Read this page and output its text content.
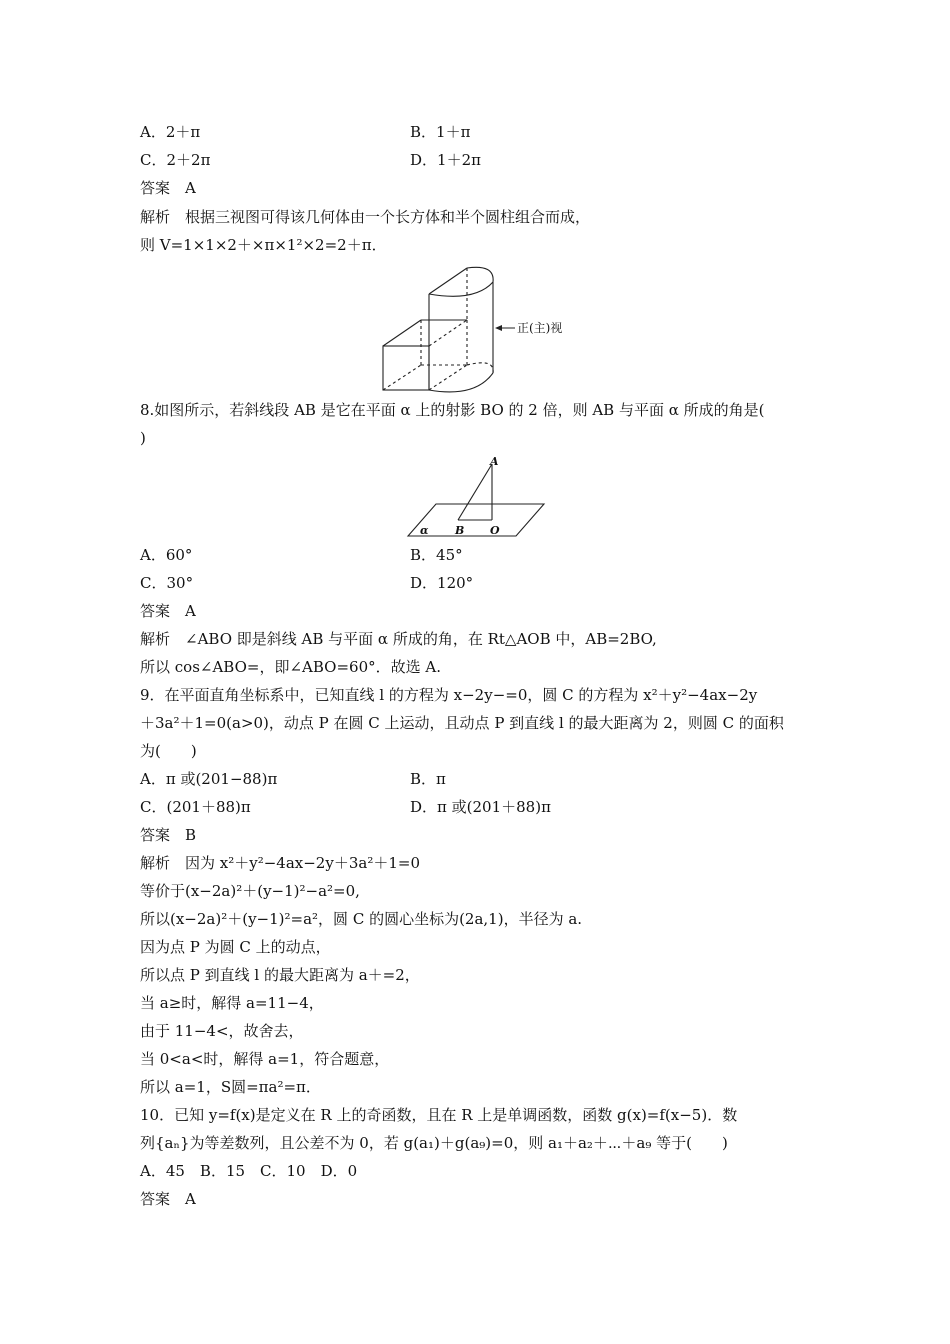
A．2＋π	B．1＋π
C．2＋2π	D．1＋2π
答案　A
解析　根据三视图可得该几何体由一个长方体和半个圆柱组合而成，
则 V=1×1×2＋×π×1²×2=2＋π．
正(主)视
8.如图所示，若斜线段 AB 是它在平面 α 上的射影 BO 的 2 倍，则 AB 与平面 α 所成的角是(
)
A
α B O
A．60°	B．45°
C．30°	D．120°
答案　A
解析　∠ABO 即是斜线 AB 与平面 α 所成的角，在 Rt△AOB 中，AB=2BO,
所以 cos∠ABO=，即∠ABO=60°．故选 A.
9．在平面直角坐标系中，已知直线 l 的方程为 x−2y−=0，圆 C 的方程为 x²＋y²−4ax−2y
＋3a²＋1=0(a>0)，动点 P 在圆 C 上运动，且动点 P 到直线 l 的最大距离为 2，则圆 C 的面积
为(　　)
A．π 或(201−88)π	B．π
C．(201＋88)π	D．π 或(201＋88)π
答案　B
解析　因为 x²＋y²−4ax−2y＋3a²＋1=0
等价于(x−2a)²＋(y−1)²−a²=0,
所以(x−2a)²＋(y−1)²=a²，圆 C 的圆心坐标为(2a,1)，半径为 a.
因为点 P 为圆 C 上的动点，
所以点 P 到直线 l 的最大距离为 a＋=2，
当 a≥时，解得 a=11−4，
由于 11−4<，故舍去，
当 0<a<时，解得 a=1，符合题意，
所以 a=1，S圆=πa²=π．
10．已知 y=f(x)是定义在 R 上的奇函数，且在 R 上是单调函数，函数 g(x)=f(x−5)．数
列{aₙ}为等差数列，且公差不为 0，若 g(a₁)＋g(a₉)=0，则 a₁＋a₂＋⋯＋a₉ 等于(　　)
A．45　B．15　C．10　D．0
答案　A
